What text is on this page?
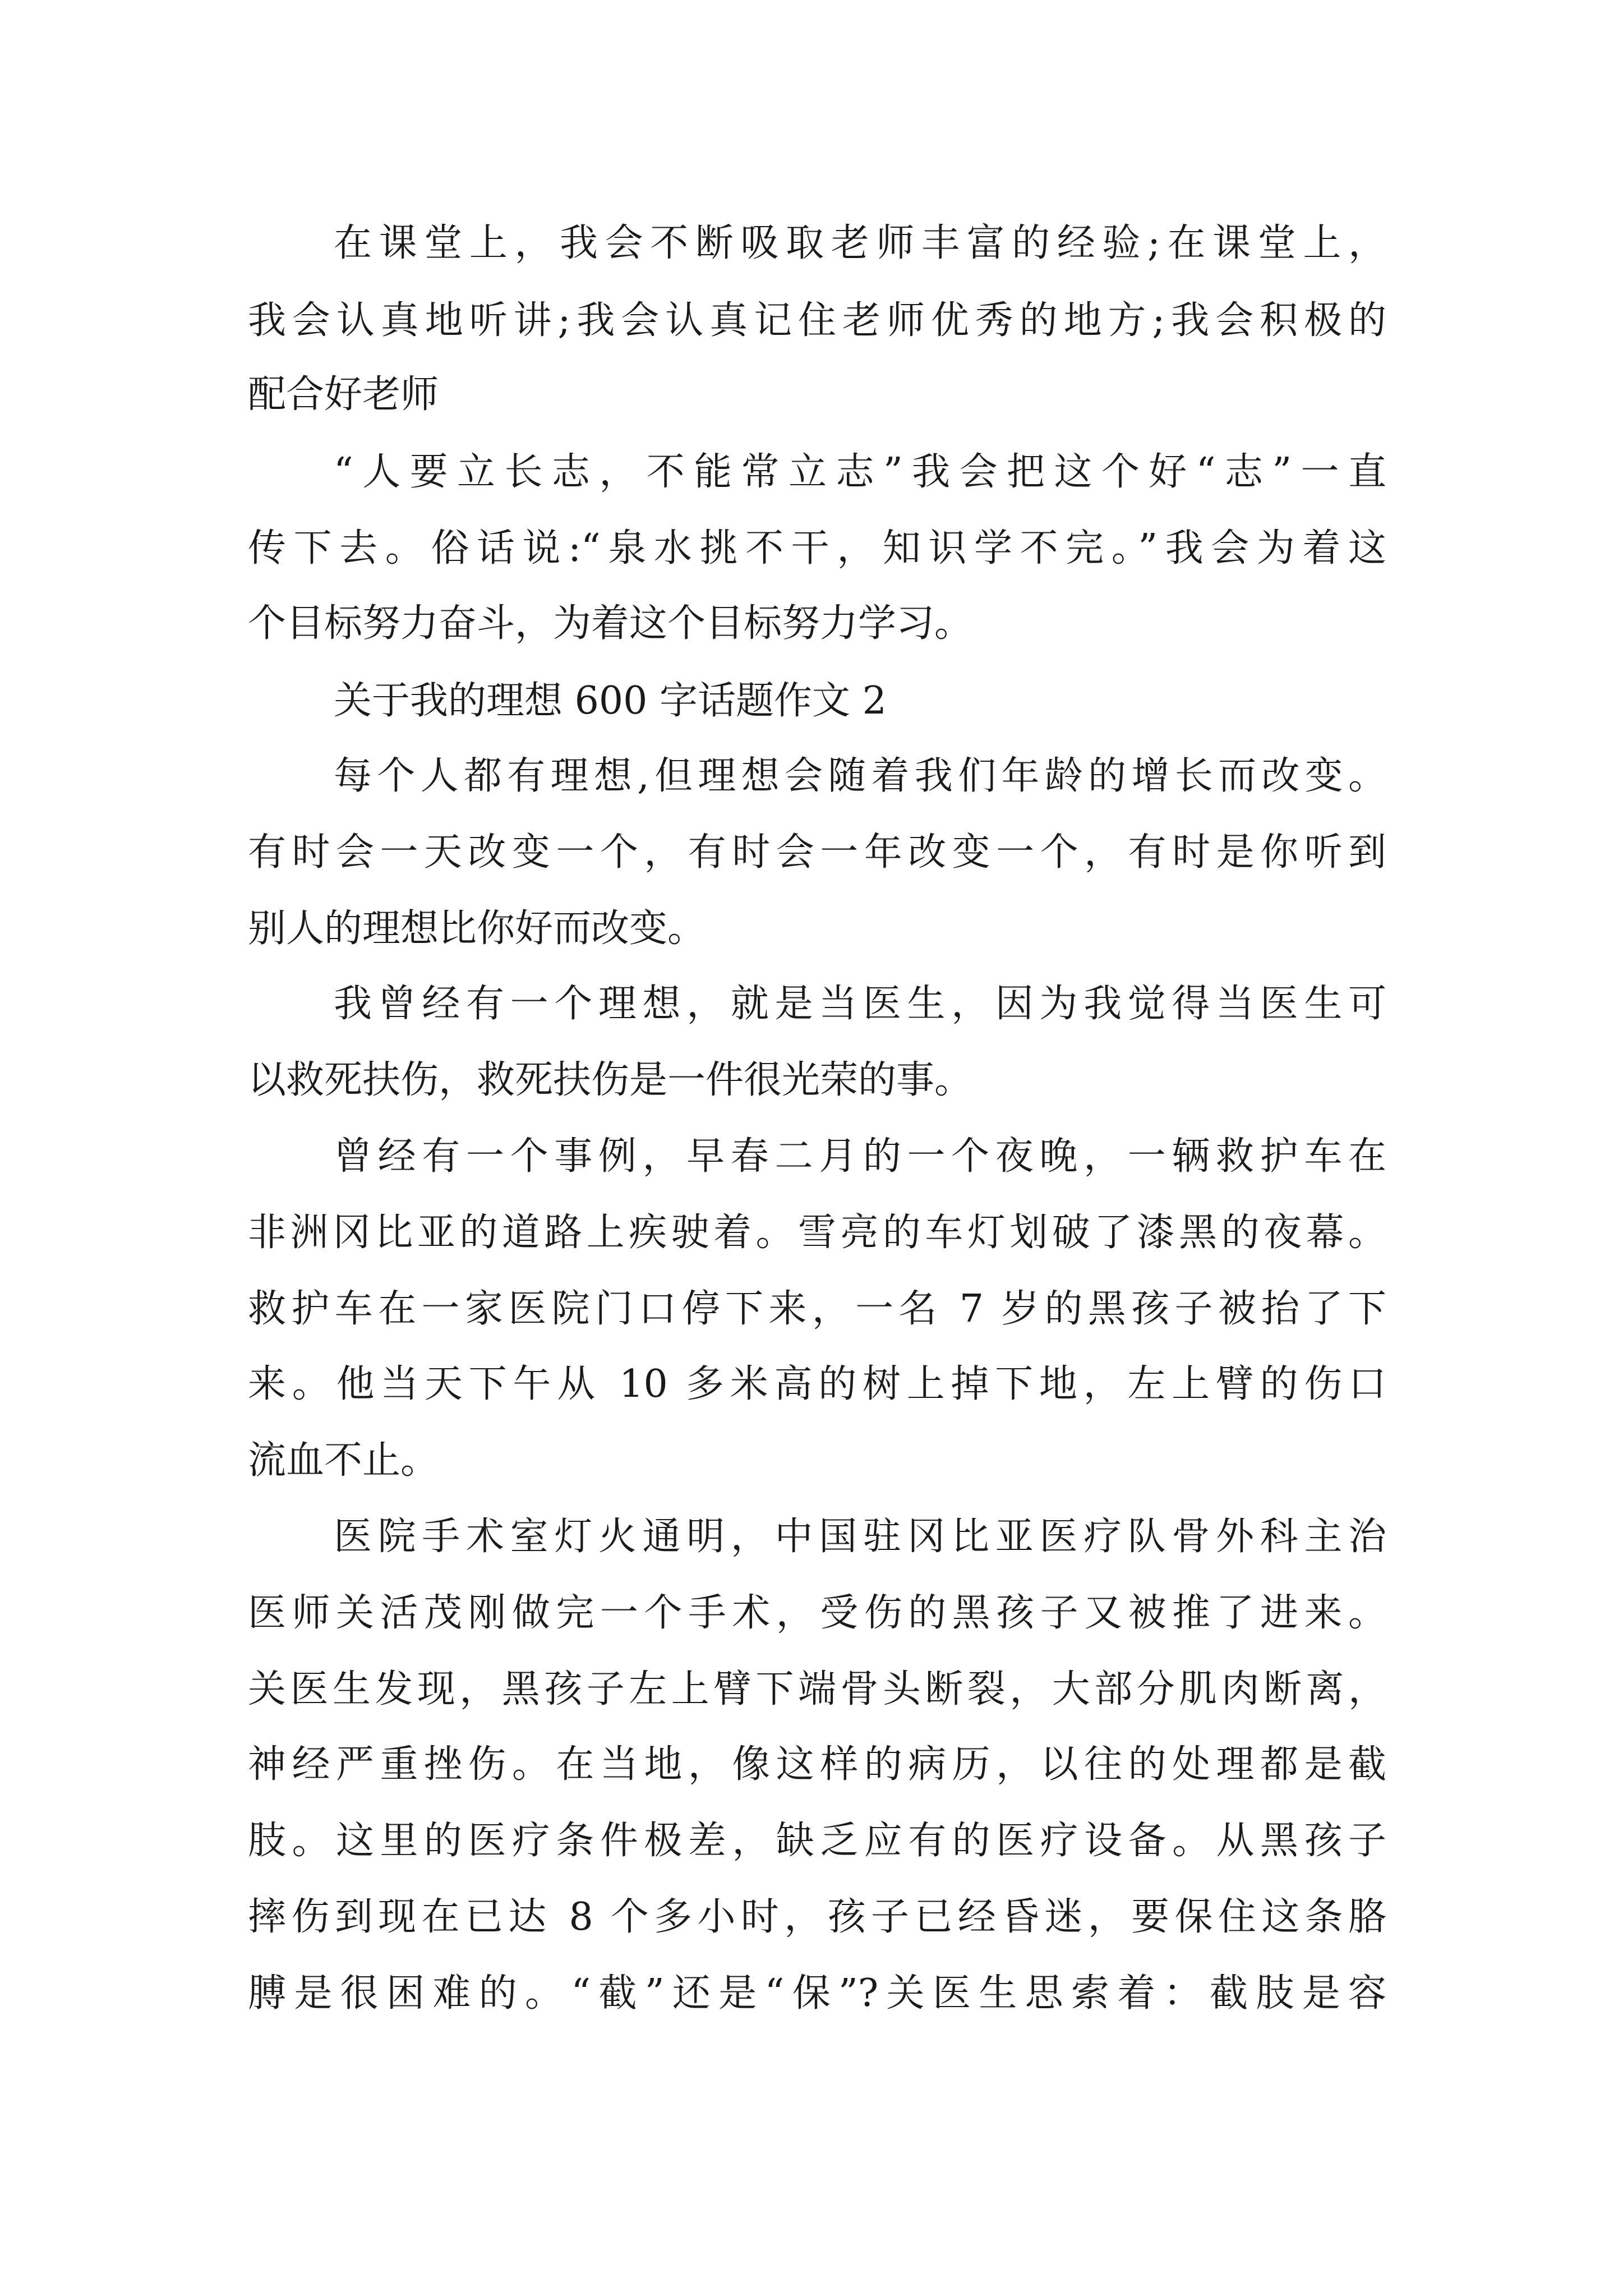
在课堂上，我会不断吸取老师丰富的经验;在课堂上，
我会认真地听讲;我会认真记住老师优秀的地方;我会积极的
配合好老师
“人要立长志，不能常立志”我会把这个好“志”一直
传下去。俗话说:“泉水挑不干，知识学不完。”我会为着这
个目标努力奋斗，为着这个目标努力学习。
关于我的理想 600 字话题作文 2
每个人都有理想,但理想会随着我们年龄的增长而改变。
有时会一天改变一个，有时会一年改变一个，有时是你听到
别人的理想比你好而改变。
我曾经有一个理想，就是当医生，因为我觉得当医生可
以救死扶伤，救死扶伤是一件很光荣的事。
曾经有一个事例，早春二月的一个夜晚，一辆救护车在
非洲冈比亚的道路上疾驶着。雪亮的车灯划破了漆黑的夜幕。
救护车在一家医院门口停下来，一名 7 岁的黑孩子被抬了下
来。他当天下午从 10 多米高的树上掉下地，左上臂的伤口
流血不止。
医院手术室灯火通明，中国驻冈比亚医疗队骨外科主治
医师关活茂刚做完一个手术，受伤的黑孩子又被推了进来。
关医生发现，黑孩子左上臂下端骨头断裂，大部分肌肉断离，
神经严重挫伤。在当地，像这样的病历，以往的处理都是截
肢。这里的医疗条件极差，缺乏应有的医疗设备。从黑孩子
摔伤到现在已达 8 个多小时，孩子已经昏迷，要保住这条胳
膊是很困难的。“截”还是“保”?关医生思索着：截肢是容
